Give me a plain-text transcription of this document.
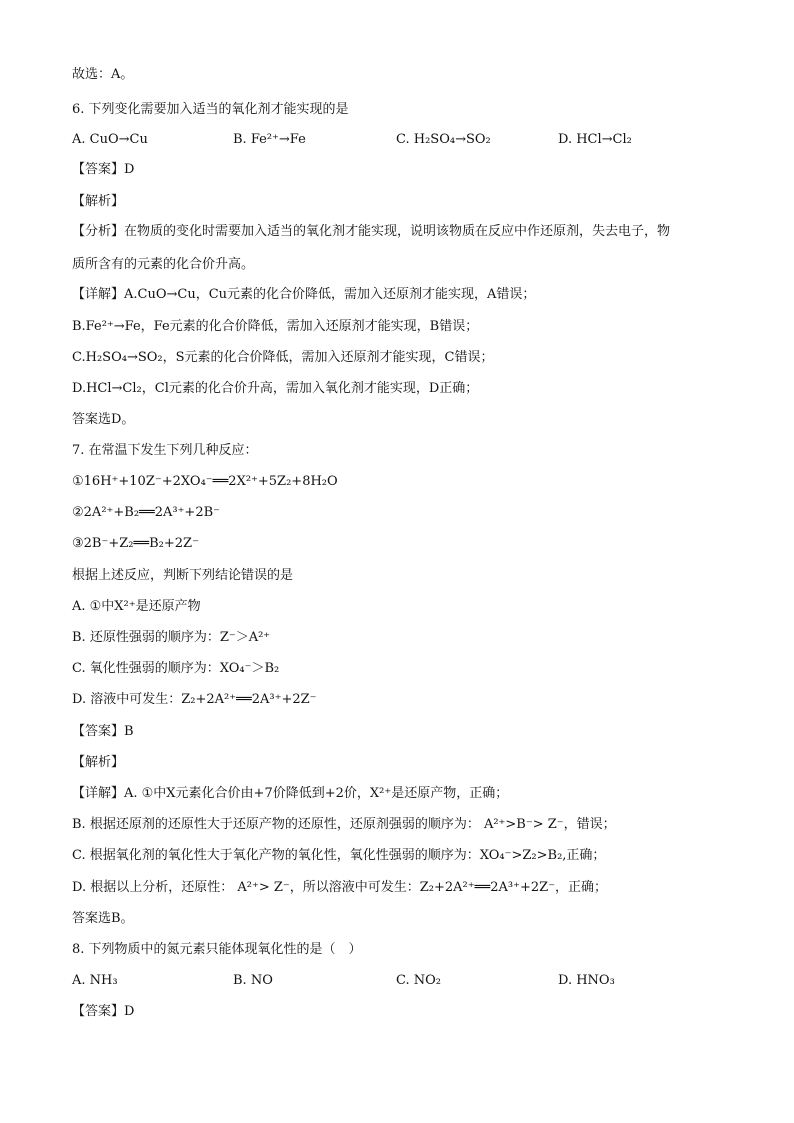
故选：A。
6. 下列变化需要加入适当的氧化剂才能实现的是
A. CuO→Cu	B. Fe²⁺→Fe	C. H₂SO₄→SO₂	D. HCl→Cl₂
【答案】D
【解析】
【分析】在物质的变化时需要加入适当的氧化剂才能实现，说明该物质在反应中作还原剂，失去电子，物
质所含有的元素的化合价升高。
【详解】A.CuO→Cu，Cu元素的化合价降低，需加入还原剂才能实现，A错误；
B.Fe²⁺→Fe，Fe元素的化合价降低，需加入还原剂才能实现，B错误；
C.H₂SO₄→SO₂，S元素的化合价降低，需加入还原剂才能实现，C错误；
D.HCl→Cl₂，Cl元素的化合价升高，需加入氧化剂才能实现，D正确；
答案选D。
7. 在常温下发生下列几种反应：
①16H⁺+10Z⁻+2XO₄⁻══2X²⁺+5Z₂+8H₂O
②2A²⁺+B₂══2A³⁺+2B⁻
③2B⁻+Z₂══B₂+2Z⁻
根据上述反应，判断下列结论错误的是
A. ①中X²⁺是还原产物
B. 还原性强弱的顺序为：Z⁻＞A²⁺
C. 氧化性强弱的顺序为：XO₄⁻＞B₂
D. 溶液中可发生：Z₂+2A²⁺══2A³⁺+2Z⁻
【答案】B
【解析】
【详解】A. ①中X元素化合价由+7价降低到+2价，X²⁺是还原产物，正确；
B. 根据还原剂的还原性大于还原产物的还原性，还原剂强弱的顺序为： A²⁺>B⁻> Z⁻，错误；
C. 根据氧化剂的氧化性大于氧化产物的氧化性，氧化性强弱的顺序为：XO₄⁻>Z₂>B₂,正确；
D. 根据以上分析，还原性： A²⁺> Z⁻，所以溶液中可发生：Z₂+2A²⁺══2A³⁺+2Z⁻，正确；
答案选B。
8. 下列物质中的氮元素只能体现氧化性的是（　）
A. NH₃	B. NO	C. NO₂	D. HNO₃
【答案】D
